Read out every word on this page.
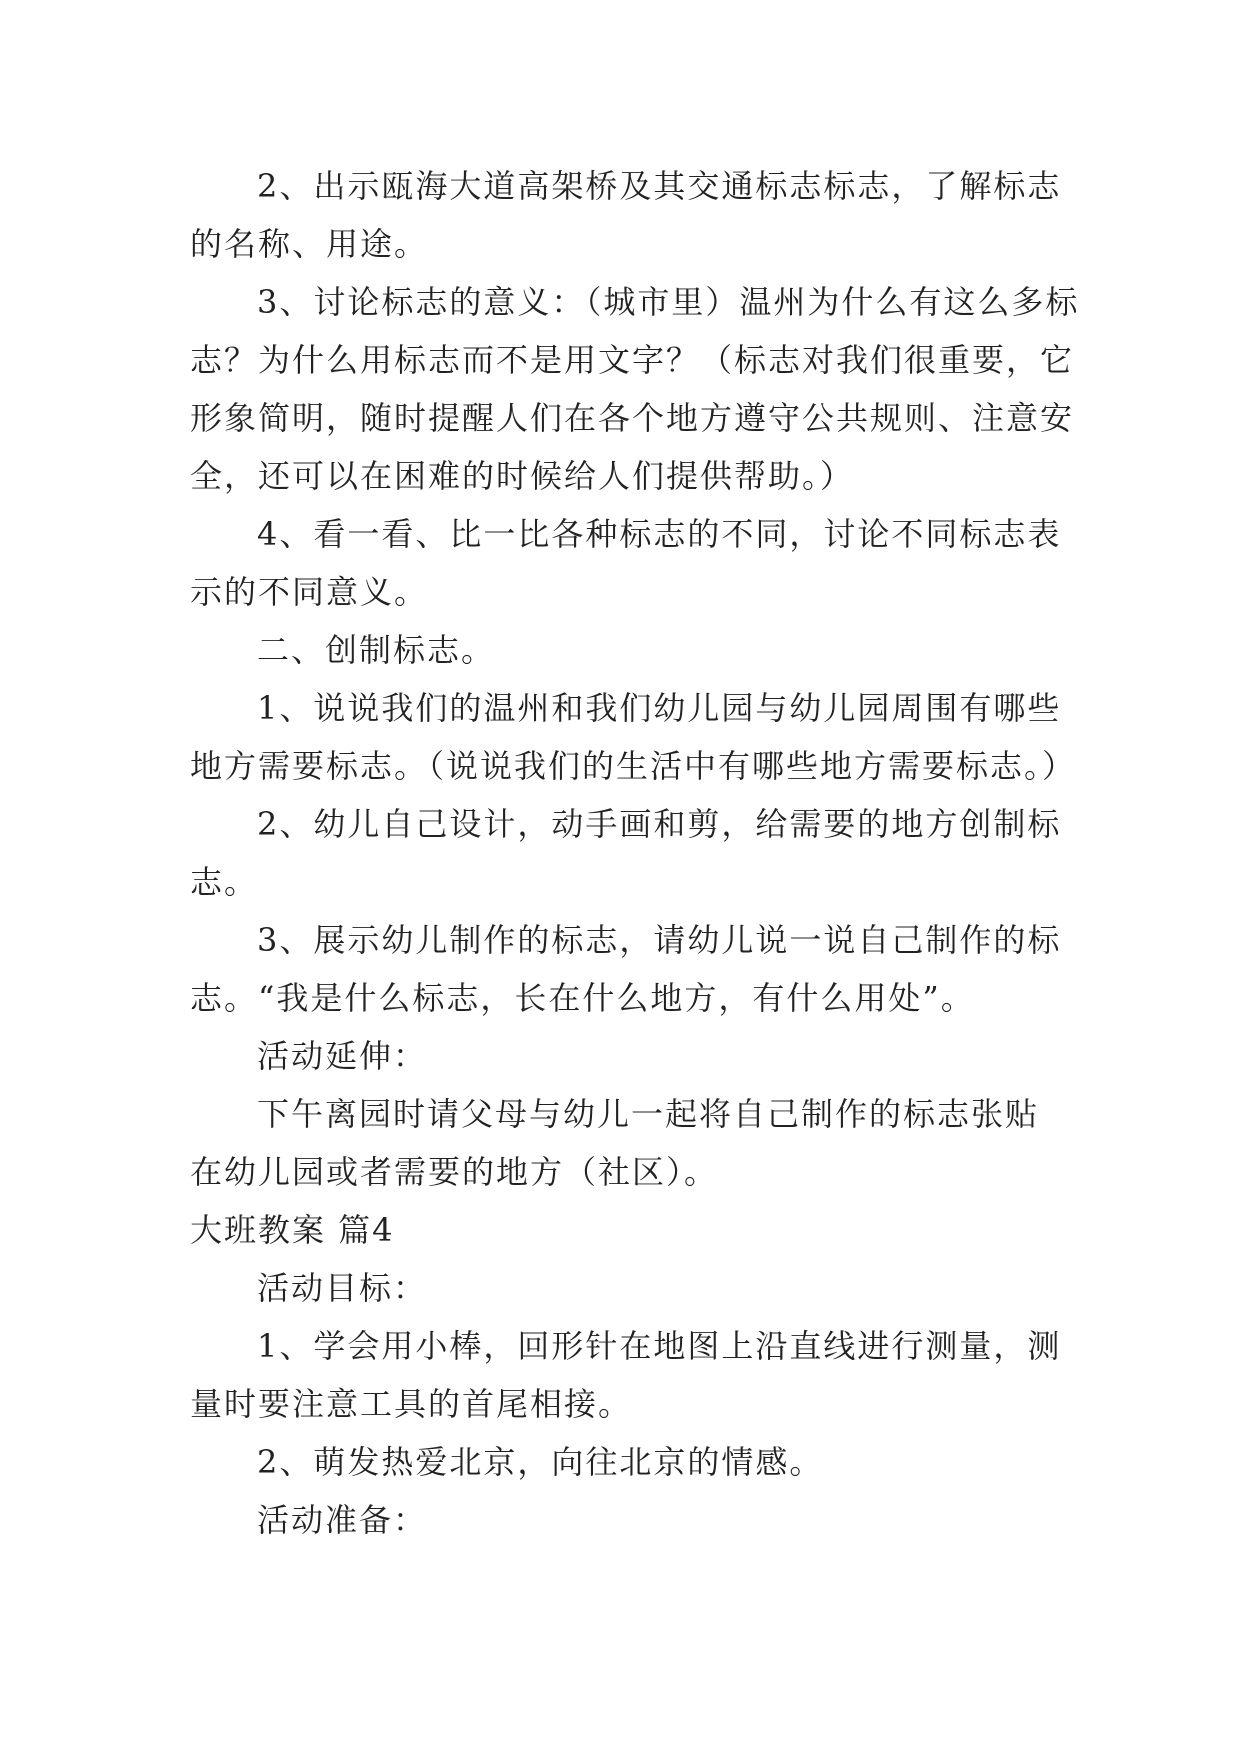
2、出示瓯海大道高架桥及其交通标志标志，了解标志

的名称、用途。

3、讨论标志的意义：（城市里）温州为什么有这么多标

志？为什么用标志而不是用文字？（标志对我们很重要，它

形象简明，随时提醒人们在各个地方遵守公共规则、注意安

全，还可以在困难的时候给人们提供帮助。）

4、看一看、比一比各种标志的不同，讨论不同标志表

示的不同意义。

二、创制标志。

1、说说我们的温州和我们幼儿园与幼儿园周围有哪些

地方需要标志。（说说我们的生活中有哪些地方需要标志。）

2、幼儿自己设计，动手画和剪，给需要的地方创制标

志。

3、展示幼儿制作的标志，请幼儿说一说自己制作的标

志。“我是什么标志，长在什么地方，有什么用处”。

活动延伸：

下午离园时请父母与幼儿一起将自己制作的标志张贴

在幼儿园或者需要的地方（社区）。

大班教案 篇4

活动目标：

1、学会用小棒，回形针在地图上沿直线进行测量，测

量时要注意工具的首尾相接。

2、萌发热爱北京，向往北京的情感。

活动准备：
